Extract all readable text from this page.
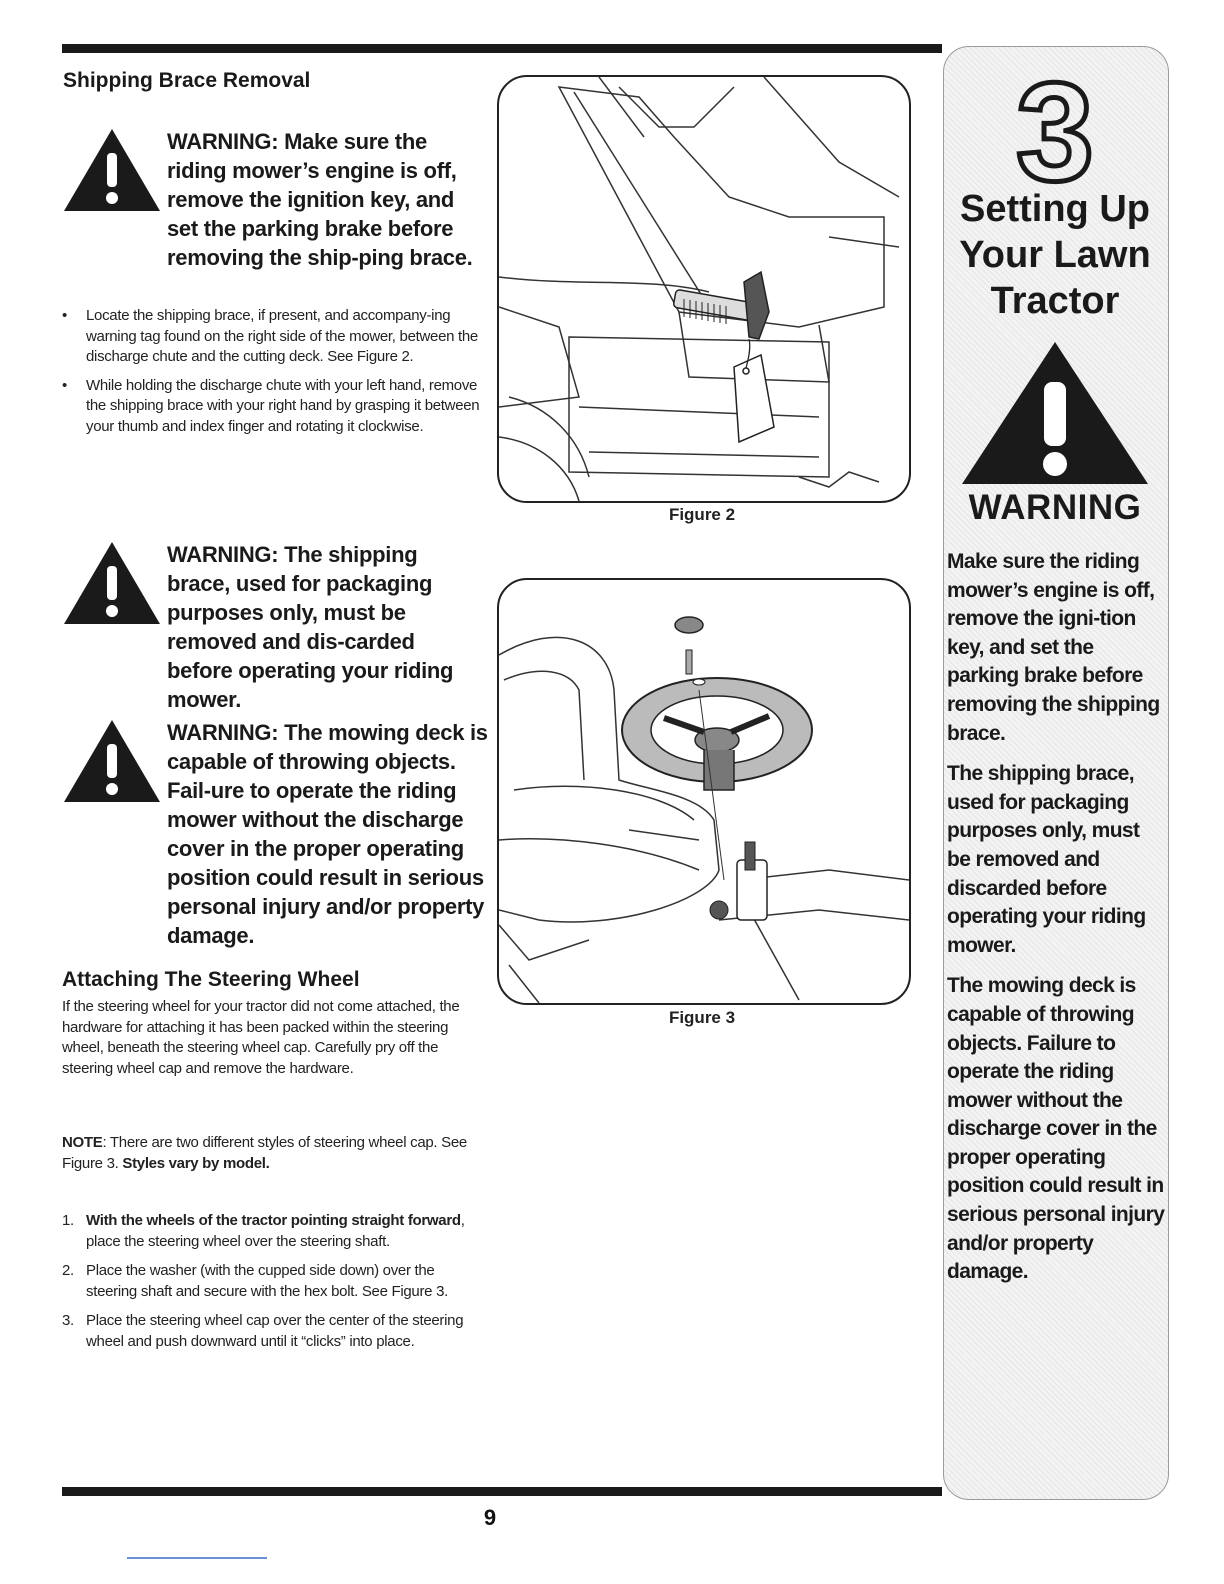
Shipping Brace Removal
WARNING: Make sure the riding mower’s engine is off, remove the ignition key, and set the parking brake before removing the ship-ping brace.
• Locate the shipping brace, if present, and accompany-ing warning tag found on the right side of the mower, between the discharge chute and the cutting deck. See Figure 2.
• While holding the discharge chute with your left hand, remove the shipping brace with your right hand by grasping it between your thumb and index finger and rotating it clockwise.
WARNING: The shipping brace, used for packaging purposes only, must be removed and dis-carded before operating your riding mower.
WARNING: The mowing deck is capable of throwing objects. Fail-ure to operate the riding mower without the discharge cover in the proper operating position could result in serious personal injury and/or property damage.
Attaching The Steering Wheel

If the steering wheel for your tractor did not come attached, the hardware for attaching it has been packed within the steering wheel, beneath the steering wheel cap. Carefully pry off the steering wheel cap and remove the hardware.

NOTE: There are two different styles of steering wheel cap. See Figure 3. Styles vary by model.

1. With the wheels of the tractor pointing straight forward, place the steering wheel over the steering shaft.
2. Place the washer (with the cupped side down) over the steering shaft and secure with the hex bolt. See Figure 3.
3. Place the steering wheel cap over the center of the steering wheel and push downward until it “clicks” into place.
Figure 2
Figure 3
3
Setting Up Your Lawn Tractor
WARNING

Make sure the riding mower’s engine is off, remove the igni-tion key, and set the parking brake before removing the shipping brace.

The shipping brace, used for packaging purposes only, must be removed and discarded before operating your riding mower.

The mowing deck is capable of throwing objects. Failure to operate the riding mower without the discharge cover in the proper operating position could result in serious personal injury and/or property damage.

9
